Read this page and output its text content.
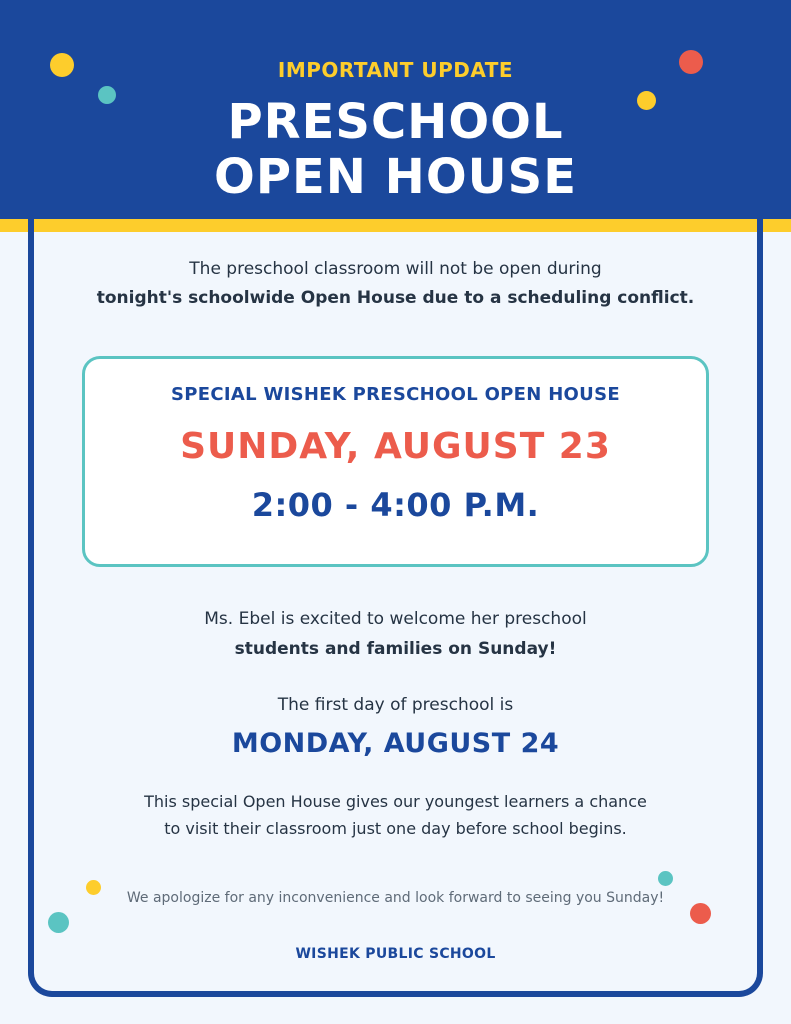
IMPORTANT UPDATE
PRESCHOOL
OPEN HOUSE
The preschool classroom will not be open during
tonight's schoolwide Open House due to a scheduling conflict.
SPECIAL WISHEK PRESCHOOL OPEN HOUSE
SUNDAY, AUGUST 23
2:00 - 4:00 P.M.
Ms. Ebel is excited to welcome her preschool
students and families on Sunday!
The first day of preschool is
MONDAY, AUGUST 24
This special Open House gives our youngest learners a chance
to visit their classroom just one day before school begins.
We apologize for any inconvenience and look forward to seeing you Sunday!
WISHEK PUBLIC SCHOOL
